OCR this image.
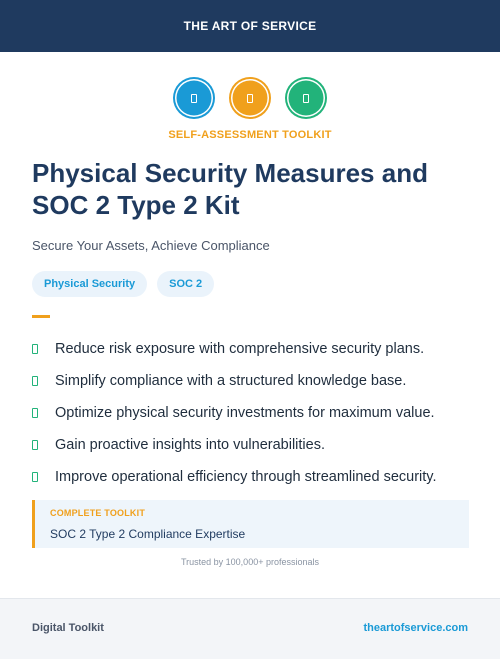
THE ART OF SERVICE
SELF-ASSESSMENT TOOLKIT
Physical Security Measures and SOC 2 Type 2 Kit
Secure Your Assets, Achieve Compliance
Physical Security	SOC 2
Reduce risk exposure with comprehensive security plans.
Simplify compliance with a structured knowledge base.
Optimize physical security investments for maximum value.
Gain proactive insights into vulnerabilities.
Improve operational efficiency through streamlined security.
COMPLETE TOOLKIT
SOC 2 Type 2 Compliance Expertise
Trusted by 100,000+ professionals
Digital Toolkit	theartofservice.com
